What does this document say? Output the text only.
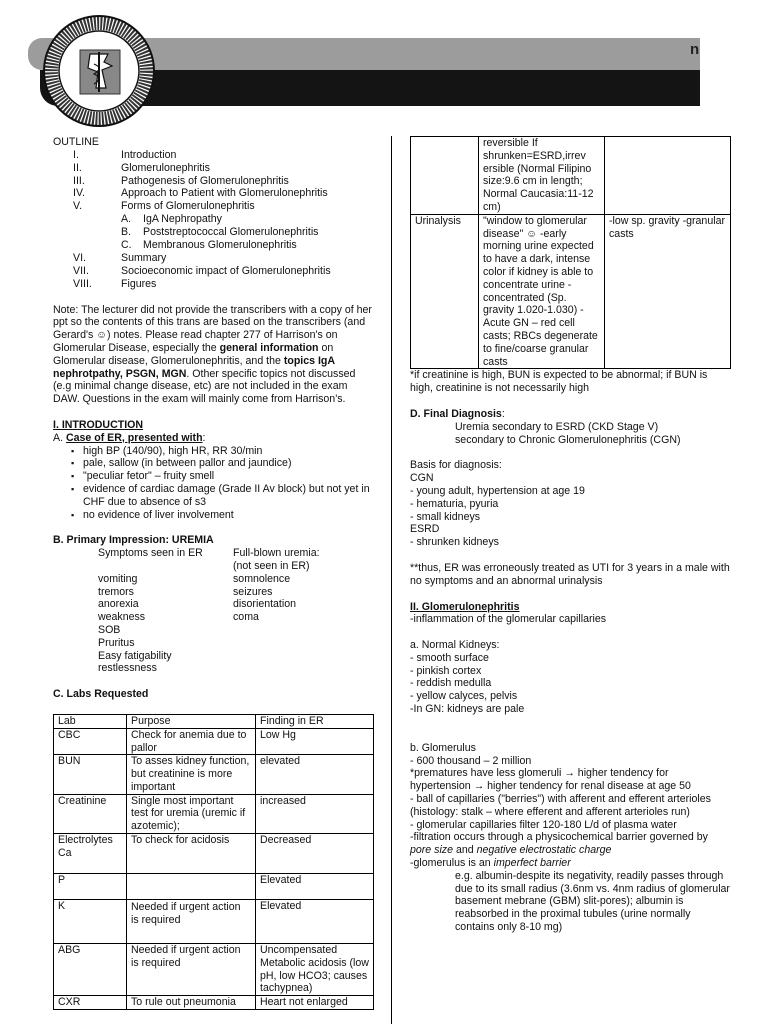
n
OUTLINE
I.	Introduction
II.	Glomerulonephritis
III.	Pathogenesis of Glomerulonephritis
IV.	Approach to Patient with Glomerulonephritis
V.	Forms of Glomerulonephritis
A.	IgA Nephropathy
B.	Poststreptococcal Glomerulonephritis
C.	Membranous Glomerulonephritis
VI.	Summary
VII.	Socioeconomic impact of Glomerulonephritis
VIII.	Figures
Note: The lecturer did not provide the transcribers with a copy of her ppt so the contents of this trans are based on the transcribers (and Gerard's ☺) notes. Please read chapter 277 of Harrison's on Glomerular Disease, especially the general information on Glomerular disease, Glomerulonephritis, and the topics IgA nephrotpathy, PSGN, MGN. Other specific topics not discussed (e.g minimal change disease, etc) are not included in the exam DAW. Questions in the exam will mainly come from Harrison's.
I. INTRODUCTION
A. Case of ER, presented with:
▪ high BP (140/90), high HR, RR 30/min
▪ pale, sallow (in between pallor and jaundice)
▪ "peculiar fetor" – fruity smell
▪ evidence of cardiac damage (Grade II Av block) but not yet in CHF due to absence of s3
▪ no evidence of liver involvement
B. Primary Impression: UREMIA
Symptoms seen in ER

vomiting
tremors
anorexia
weakness
SOB
Pruritus
Easy fatigability
restlessness
Full-blown uremia:
(not seen in ER)
somnolence
seizures
disorientation
coma
C. Labs Requested
Lab	Purpose	Finding in ER
CBC	Check for anemia due to pallor	Low Hg
BUN	To asses kidney function, but creatinine is more important	elevated
Creatinine	Single most important test for uremia (uremic if azotemic);	increased
Electrolytes Ca	To check for acidosis	Decreased
P		Elevated
K	Needed if urgent action is required	Elevated
ABG	Needed if urgent action is required	Uncompensated Metabolic acidosis (low pH, low HCO3; causes tachypnea)
CXR	To rule out pneumonia	Heart not enlarged
	reversible If shrunken=ESRD,irrev ersible (Normal Filipino size:9.6 cm in length; Normal Caucasia:11-12 cm)	
Urinalysis	"window to glomerular disease" ☺ -early morning urine expected to have a dark, intense color if kidney is able to concentrate urine - concentrated (Sp. gravity 1.020-1.030) -Acute GN – red cell casts; RBCs degenerate to fine/coarse granular casts	-low sp. gravity -granular casts
*if creatinine is high, BUN is expected to be abnormal; if BUN is high, creatinine is not necessarily high
D. Final Diagnosis:
Uremia secondary to ESRD (CKD Stage V)
secondary to Chronic Glomerulonephritis (CGN)
Basis for diagnosis:
CGN
- young adult, hypertension at age 19
- hematuria, pyuria
- small kidneys
ESRD
- shrunken kidneys
**thus, ER was erroneously treated as UTI for 3 years in a male with no symptoms and an abnormal urinalysis
II. Glomerulonephritis
-inflammation of the glomerular capillaries
a. Normal Kidneys:
- smooth surface
- pinkish cortex
- reddish medulla
- yellow calyces, pelvis
-In GN: kidneys are pale
b. Glomerulus
- 600 thousand – 2 million
*prematures have less glomeruli → higher tendency for hypertension → higher tendency for renal disease at age 50
- ball of capillaries ("berries") with afferent and efferent arterioles (histology: stalk – where efferent and afferent arterioles run)
- glomerular capillaries filter 120-180 L/d of plasma water
-filtration occurs through a physicochemical barrier governed by pore size and negative electrostatic charge
-glomerulus is an imperfect barrier
e.g. albumin-despite its negativity, readily passes through due to its small radius (3.6nm vs. 4nm radius of glomerular basement mebrane (GBM) slit-pores); albumin is reabsorbed in the proximal tubules (urine normally contains only 8-10 mg)
